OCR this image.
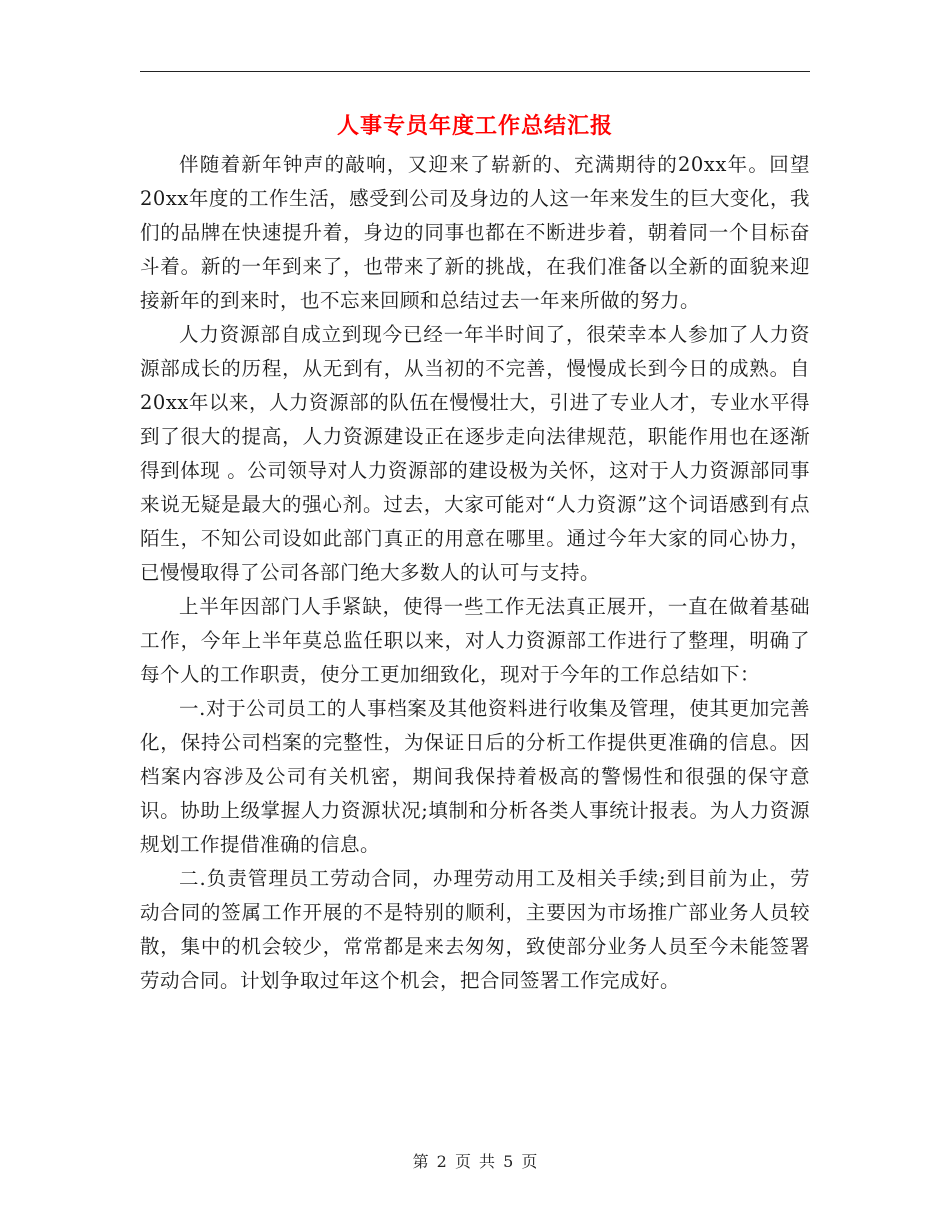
人事专员年度工作总结汇报

伴随着新年钟声的敲响，又迎来了崭新的、充满期待的20xx年。回望20xx年度的工作生活，感受到公司及身边的人这一年来发生的巨大变化，我们的品牌在快速提升着，身边的同事也都在不断进步着，朝着同一个目标奋斗着。新的一年到来了，也带来了新的挑战，在我们准备以全新的面貌来迎接新年的到来时，也不忘来回顾和总结过去一年来所做的努力。

人力资源部自成立到现今已经一年半时间了，很荣幸本人参加了人力资源部成长的历程，从无到有，从当初的不完善，慢慢成长到今日的成熟。自20xx年以来，人力资源部的队伍在慢慢壮大，引进了专业人才，专业水平得到了很大的提高，人力资源建设正在逐步走向法律规范，职能作用也在逐渐得到体现 。公司领导对人力资源部的建设极为关怀，这对于人力资源部同事来说无疑是最大的强心剂。过去，大家可能对“人力资源”这个词语感到有点陌生，不知公司设如此部门真正的用意在哪里。通过今年大家的同心协力，已慢慢取得了公司各部门绝大多数人的认可与支持。

上半年因部门人手紧缺，使得一些工作无法真正展开，一直在做着基础工作，今年上半年莫总监任职以来，对人力资源部工作进行了整理，明确了每个人的工作职责，使分工更加细致化，现对于今年的工作总结如下：

一.对于公司员工的人事档案及其他资料进行收集及管理，使其更加完善化，保持公司档案的完整性，为保证日后的分析工作提供更准确的信息。因档案内容涉及公司有关机密，期间我保持着极高的警惕性和很强的保守意识。协助上级掌握人力资源状况;填制和分析各类人事统计报表。为人力资源规划工作提借准确的信息。

二.负责管理员工劳动合同，办理劳动用工及相关手续;到目前为止，劳动合同的签属工作开展的不是特别的顺利，主要因为市场推广部业务人员较散，集中的机会较少，常常都是来去匆匆，致使部分业务人员至今未能签署劳动合同。计划争取过年这个机会，把合同签署工作完成好。

第 2 页 共 5 页
